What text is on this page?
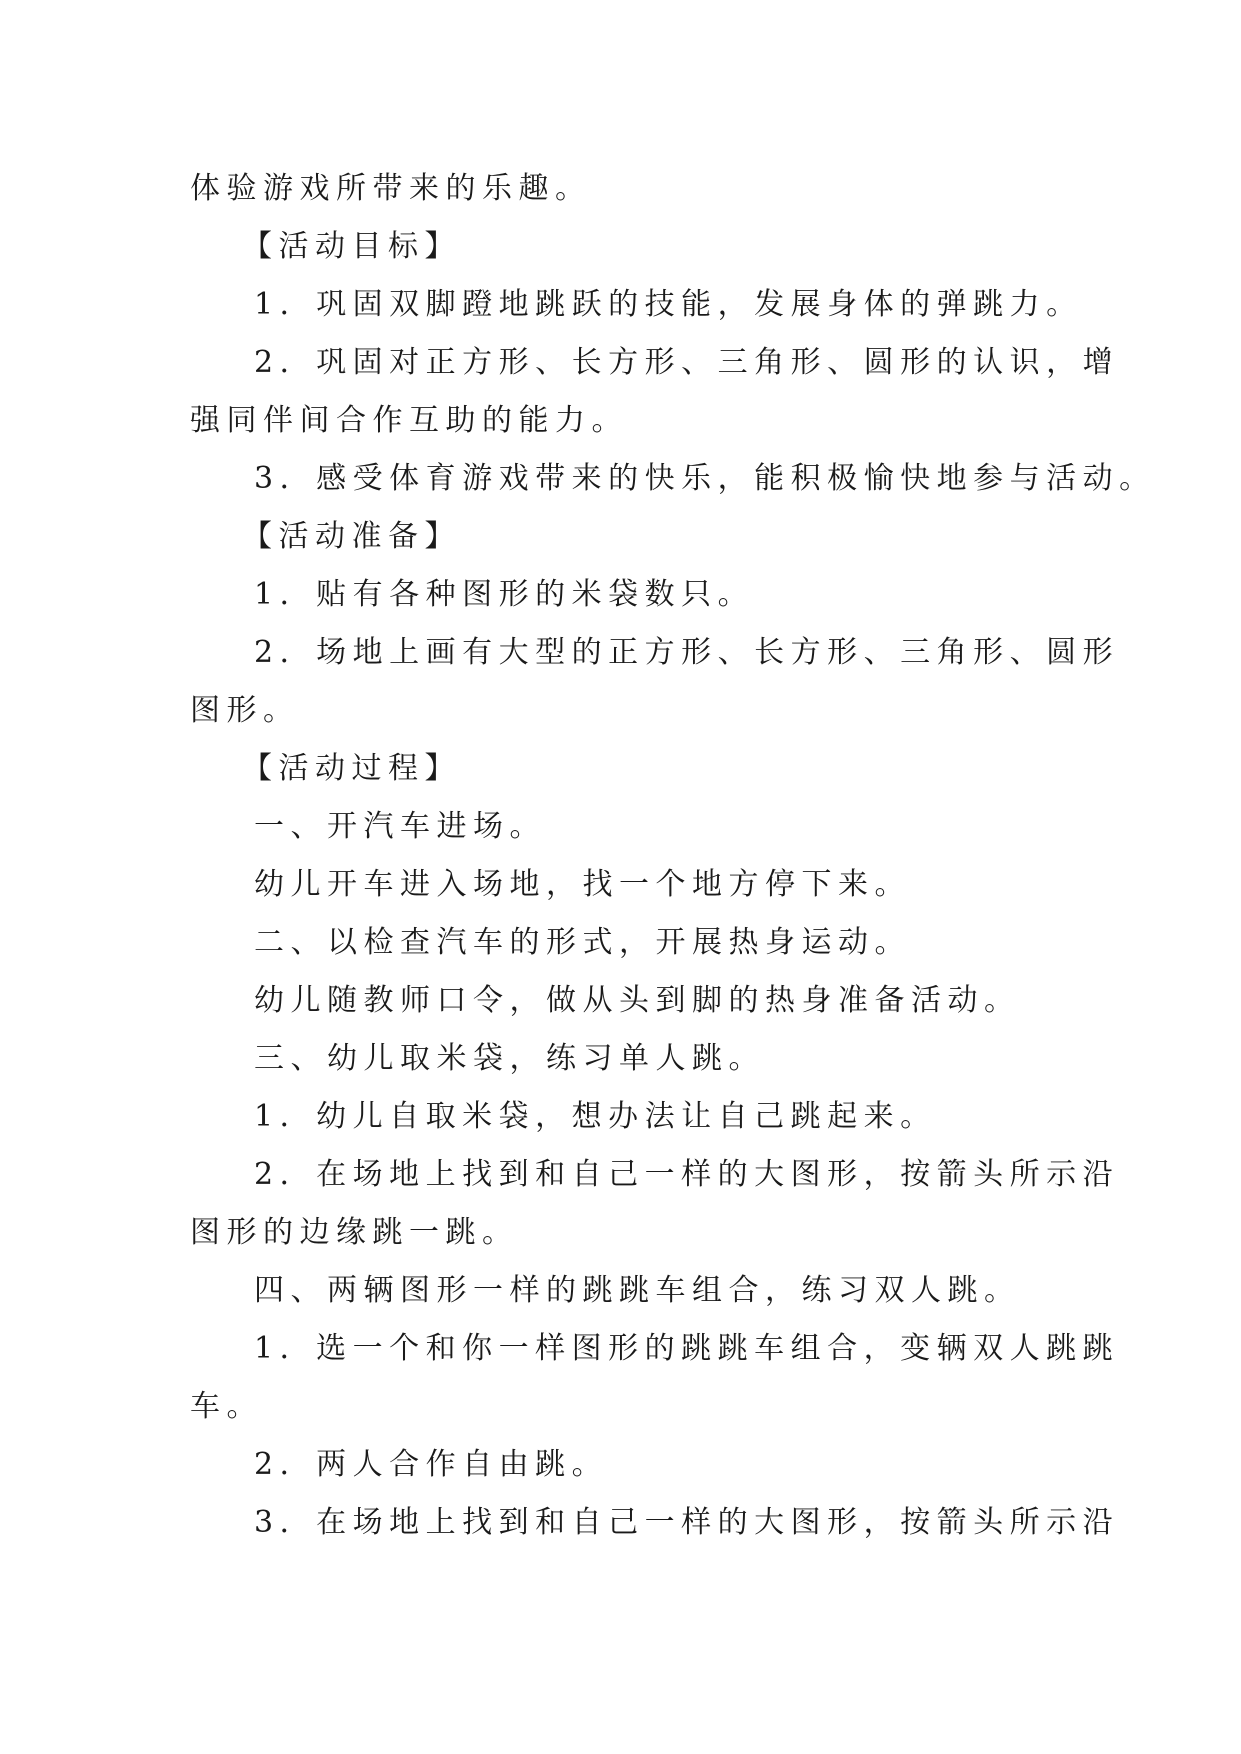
体验游戏所带来的乐趣。
【活动目标】
1．巩固双脚蹬地跳跃的技能，发展身体的弹跳力。
2．巩固对正方形、长方形、三角形、圆形的认识，增
强同伴间合作互助的能力。
3．感受体育游戏带来的快乐，能积极愉快地参与活动。
【活动准备】
1．贴有各种图形的米袋数只。
2．场地上画有大型的正方形、长方形、三角形、圆形
图形。
【活动过程】
一、开汽车进场。
幼儿开车进入场地，找一个地方停下来。
二、以检查汽车的形式，开展热身运动。
幼儿随教师口令，做从头到脚的热身准备活动。
三、幼儿取米袋，练习单人跳。
1．幼儿自取米袋，想办法让自己跳起来。
2．在场地上找到和自己一样的大图形，按箭头所示沿
图形的边缘跳一跳。
四、两辆图形一样的跳跳车组合，练习双人跳。
1．选一个和你一样图形的跳跳车组合，变辆双人跳跳
车。
2．两人合作自由跳。
3．在场地上找到和自己一样的大图形，按箭头所示沿
